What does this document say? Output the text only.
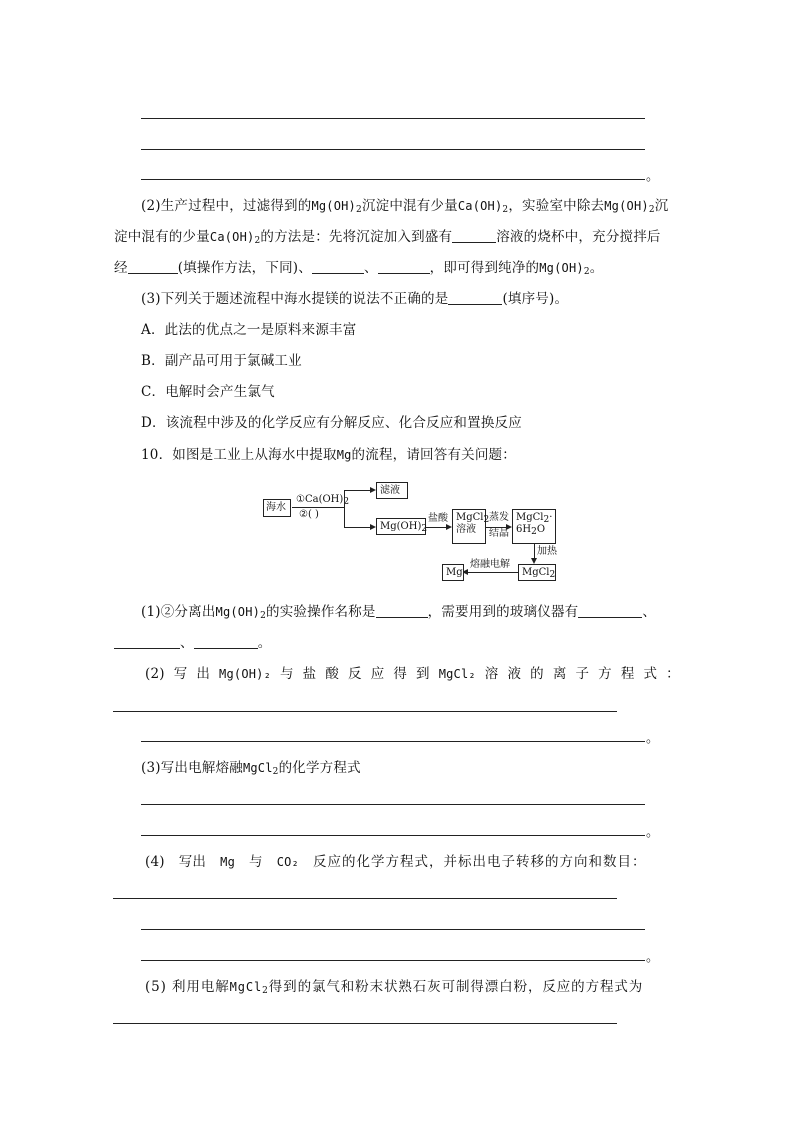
。
(2)生产过程中，过滤得到的$Mg(OH)_2$沉淀中混有少量$Ca(OH)_2$，实验室中除去$Mg(OH)_2$沉
淀中混有的少量$Ca(OH)_2$的方法是：先将沉淀加入到盛有	溶液的烧杯中，充分搅拌后
经	(填操作方法，下同)、	、	，即可得到纯净的$Mg(OH)_2$。
(3)下列关于题述流程中海水提镁的说法不正确的是	(填序号)。
A．此法的优点之一是原料来源丰富
B．副产品可用于氯碱工业
C．电解时会产生氯气
D．该流程中涉及的化学反应有分解反应、化合反应和置换反应
10．如图是工业上从海水中提取Mg的流程，请回答有关问题：
海水
$①Ca(OH)_2$
②( )
滤液
$Mg(OH)_2$
盐酸 MgCl$_2$
溶液
蒸发
结晶
MgCl$_2$·
$6H_2O$
加热
MgCl$_2$
熔融电解
Mg
(1)②分离出$Mg(OH)_2$的实验操作名称是	，需要用到的玻璃仪器有	、
、	。
(2) 写 出 Mg(OH)₂ 与 盐 酸 反 应 得 到 MgCl₂ 溶 液 的 离 子 方 程 式 ：
。
(3)写出电解熔融MgCl$_2$的化学方程式
。
(4) 写出 Mg 与 CO₂ 反应的化学方程式，并标出电子转移的方向和数目：
。
(5) 利用电解MgCl$_2$得到的氯气和粉末状熟石灰可制得漂白粉，反应的方程式为
